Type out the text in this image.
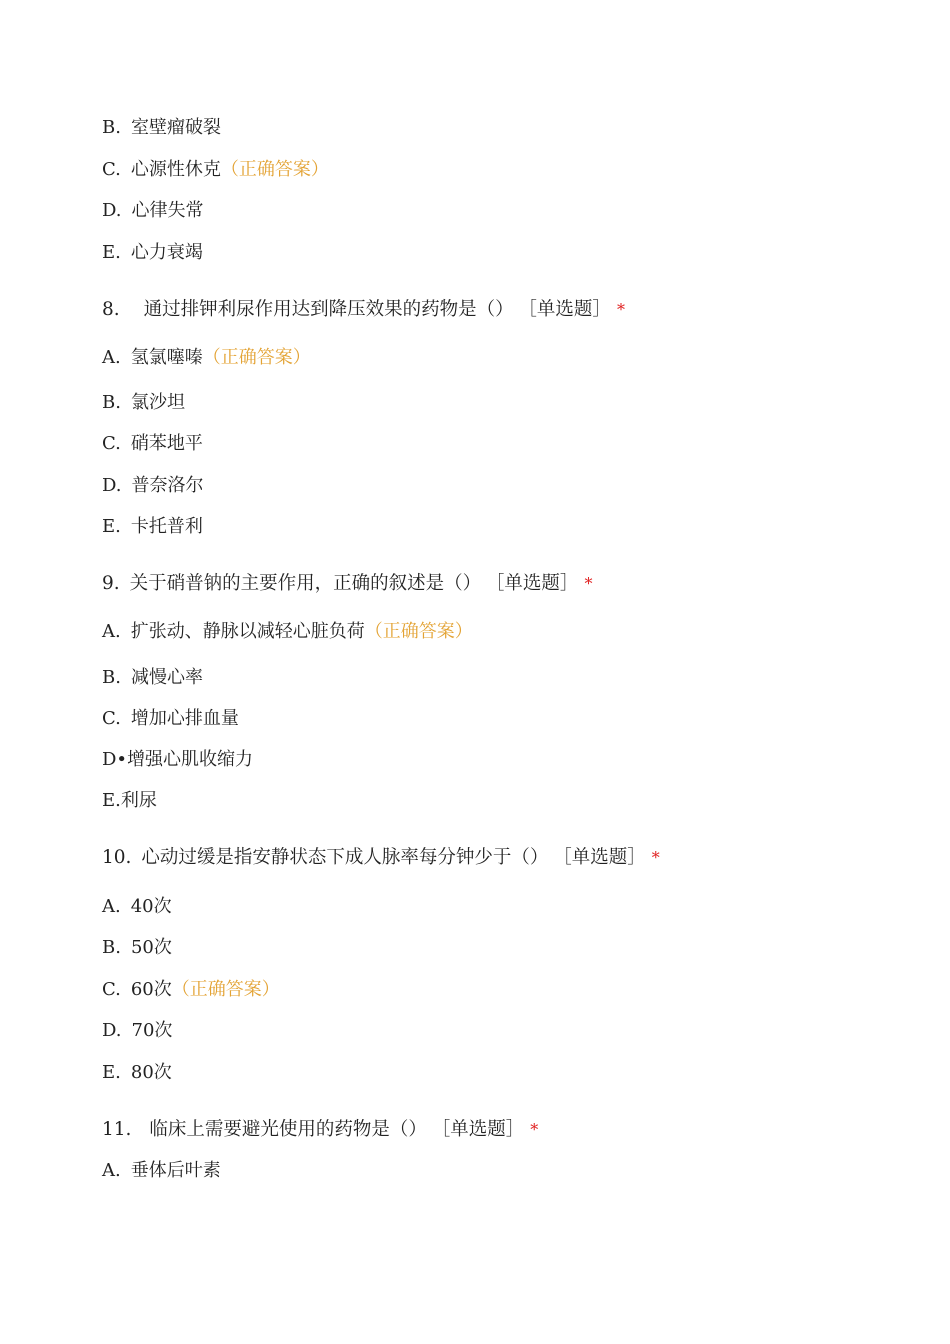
B. 室壁瘤破裂
C. 心源性休克（正确答案）
D. 心律失常
E. 心力衰竭
8. 通过排钾利尿作用达到降压效果的药物是（） ［单选题］ *
A. 氢氯噻嗪（正确答案）
B. 氯沙坦
C. 硝苯地平
D. 普奈洛尔
E. 卡托普利
9. 关于硝普钠的主要作用，正确的叙述是（） ［单选题］ *
A. 扩张动、静脉以减轻心脏负荷（正确答案）
B. 减慢心率
C. 增加心排血量
D•增强心肌收缩力
E.利尿
10. 心动过缓是指安静状态下成人脉率每分钟少于（） ［单选题］ *
A. 40次
B. 50次
C. 60次（正确答案）
D. 70次
E. 80次
11. 临床上需要避光使用的药物是（） ［单选题］ *
A. 垂体后叶素
